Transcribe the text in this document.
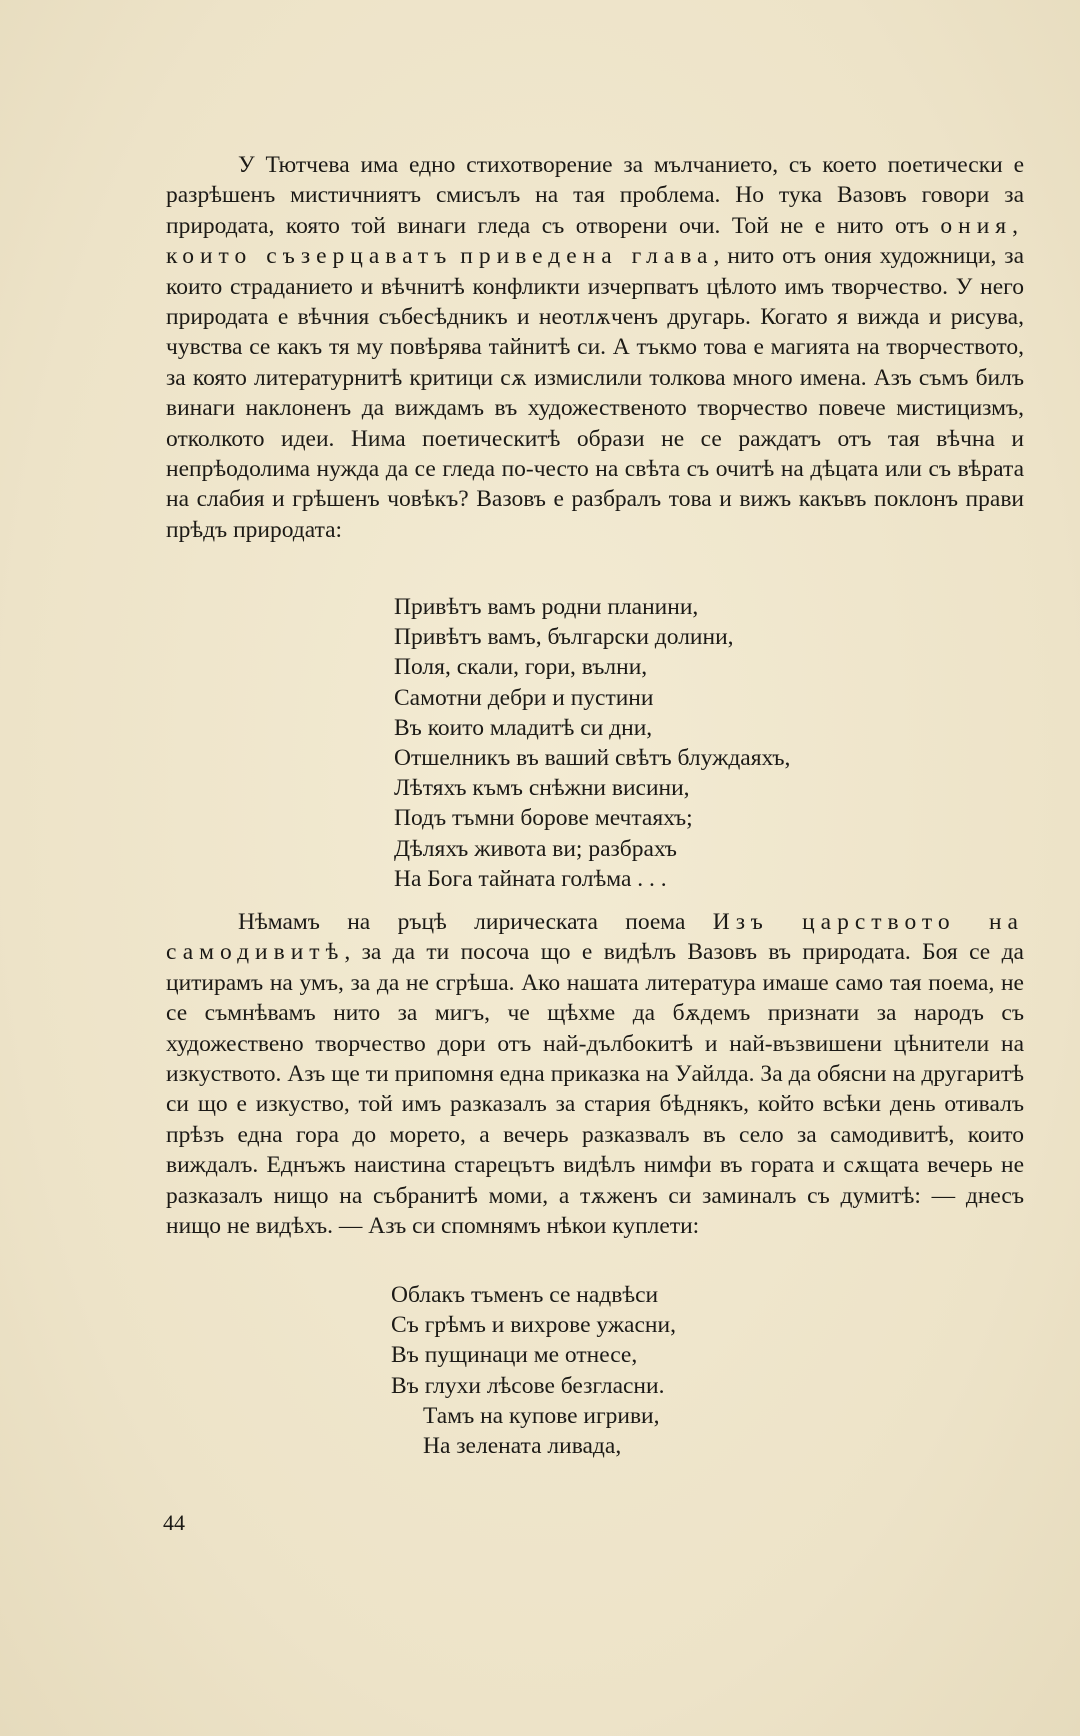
У Тютчева има едно стихотворение за мълчанието, съ което поетически е разрѣшенъ мистичниятъ смисълъ на тая проблема. Но тука Вазовъ говори за природата, която той винаги гледа съ отворени очи. Той не е нито отъ ония, които съзерцаватъ приведена глава, нито отъ ония художници, за които страданието и вѣчнитѣ конфликти изчерпватъ цѣлото имъ творчество. У него природата е вѣчния събесѣдникъ и неотлѫченъ другарь. Когато я вижда и рисува, чувства се какъ тя му повѣрява тайнитѣ си. А тъкмо това е магията на творчеството, за която литературнитѣ критици сѫ измислили толкова много имена. Азъ съмъ билъ винаги наклоненъ да виждамъ въ художественото творчество повече мистицизмъ, отколкото идеи. Нима поетическитѣ образи не се раждатъ отъ тая вѣчна и непрѣодолима нужда да се гледа по-често на свѣта съ очитѣ на дѣцата или съ вѣрата на слабия и грѣшенъ човѣкъ? Вазовъ е разбралъ това и вижъ какъвъ поклонъ прави прѣдъ природата:

Привѣтъ вамъ родни планини,
Привѣтъ вамъ, български долини,
Поля, скали, гори, вълни,
Самотни дебри и пустини
Въ които младитѣ си дни,
Отшелникъ въ ваший свѣтъ блуждаяхъ,
Лѣтяхъ къмъ снѣжни висини,
Подъ тъмни борове мечтаяхъ;
Дѣляхъ живота ви; разбрахъ
На Бога тайната голѣма . . .

Нѣмамъ на ръцѣ лирическата поема Изъ царството на самодивитѣ, за да ти посоча що е видѣлъ Вазовъ въ природата. Боя се да цитирамъ на умъ, за да не сгрѣша. Ако нашата литература имаше само тая поема, не се съмнѣвамъ нито за мигъ, че щѣхме да бѫдемъ признати за народъ съ художествено творчество дори отъ най-дълбокитѣ и най-възвишени цѣнители на изкуството. Азъ ще ти припомня една приказка на Уайлда. За да обясни на другаритѣ си що е изкуство, той имъ разказалъ за стария бѣднякъ, който всѣки день отивалъ прѣзъ една гора до морето, а вечерь разказвалъ въ село за самодивитѣ, които виждалъ. Еднъжъ наистина старецътъ видѣлъ нимфи въ гората и сѫщата вечерь не разказалъ нищо на събранитѣ моми, а тѫженъ си заминалъ съ думитѣ: — днесъ нищо не видѣхъ. — Азъ си спомнямъ нѣкои куплети:

Облакъ тъменъ се надвѣси
Съ грѣмъ и вихрове ужасни,
Въ пущинаци ме отнесе,
Въ глухи лѣсове безгласни.
Тамъ на купове игриви,
На зелената ливада,
44
